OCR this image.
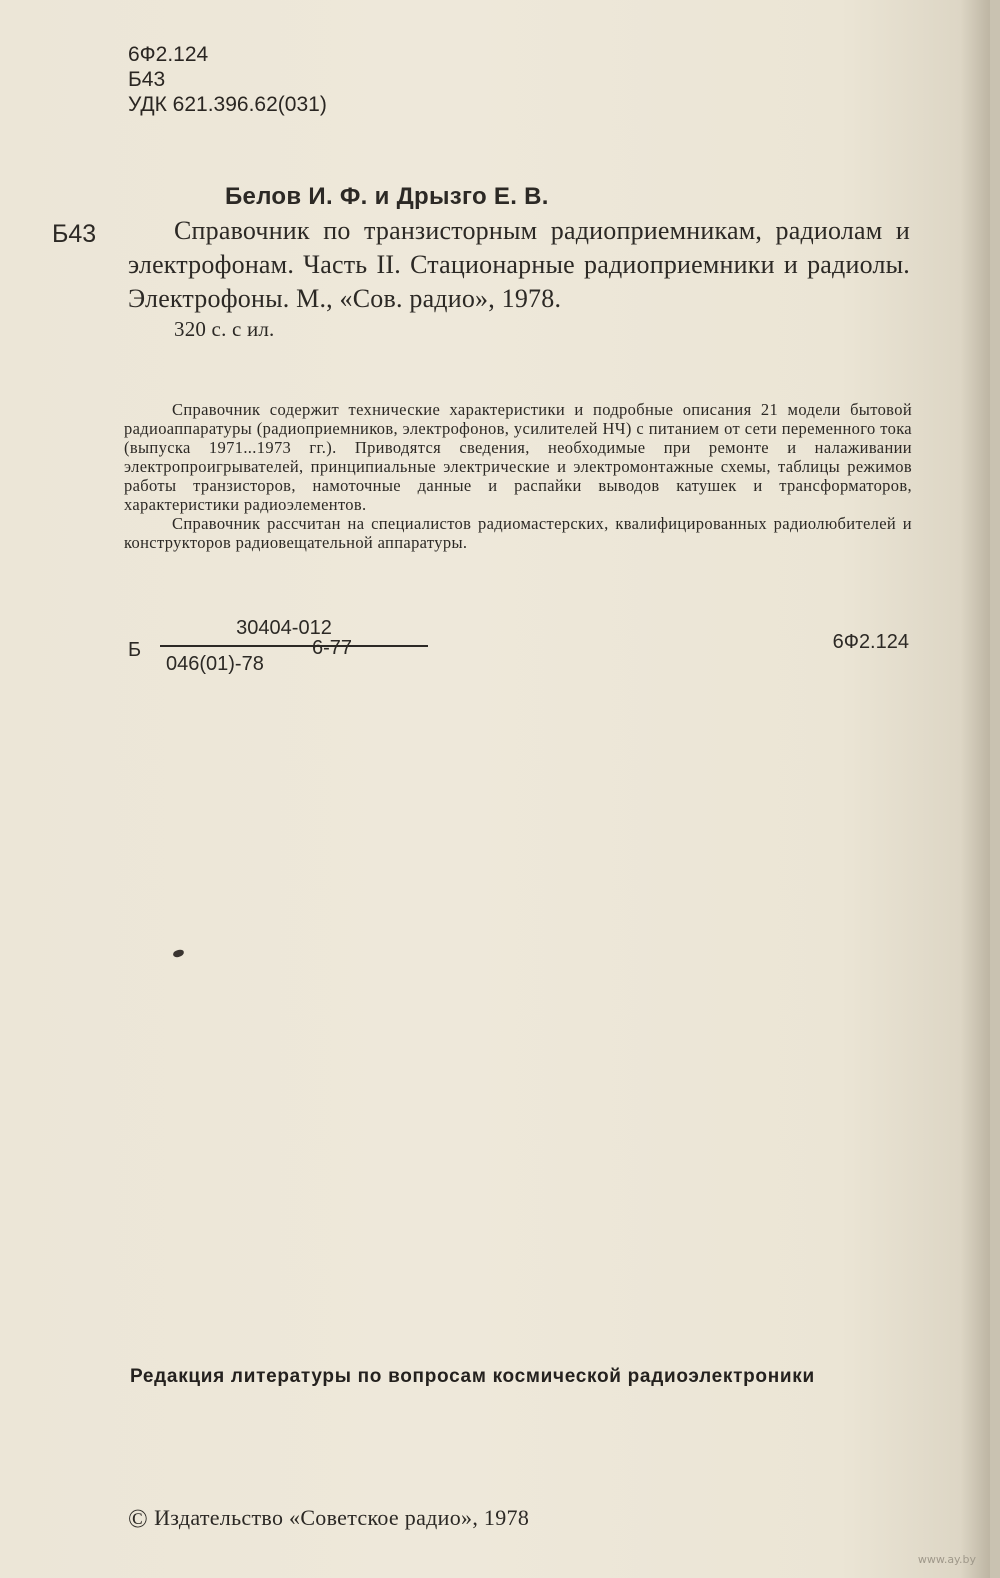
6Ф2.124
Б43
УДК 621.396.62(031)
Белов И. Ф. и Дрызго Е. В.
Б43	Справочник по транзисторным радиоприемникам, радиолам и электрофонам. Часть II. Стационарные радиоприемники и радиолы. Электрофоны. М., «Сов. радио», 1978.

320 с. с ил.

Справочник содержит технические характеристики и подробные описания 21 модели бытовой радиоаппаратуры (радиоприемников, электрофонов, усилителей НЧ) с питанием от сети переменного тока (выпуска 1971...1973 гг.). Приводятся сведения, необходимые при ремонте и налаживании электропроигрывателей, принципиальные электрические и электромонтажные схемы, таблицы режимов работы транзисторов, намоточные данные и распайки выводов катушек и трансформаторов, характеристики радиоэлементов.

Справочник рассчитан на специалистов радиомастерских, квалифицированных радиолюбителей и конструкторов радиовещательной аппаратуры.

Б
30404-012
046(01)-78
6-77	6Ф2.124
Редакция литературы по вопросам космической радиоэлектроники
© Издательство «Советское радио», 1978
www.ay.by
